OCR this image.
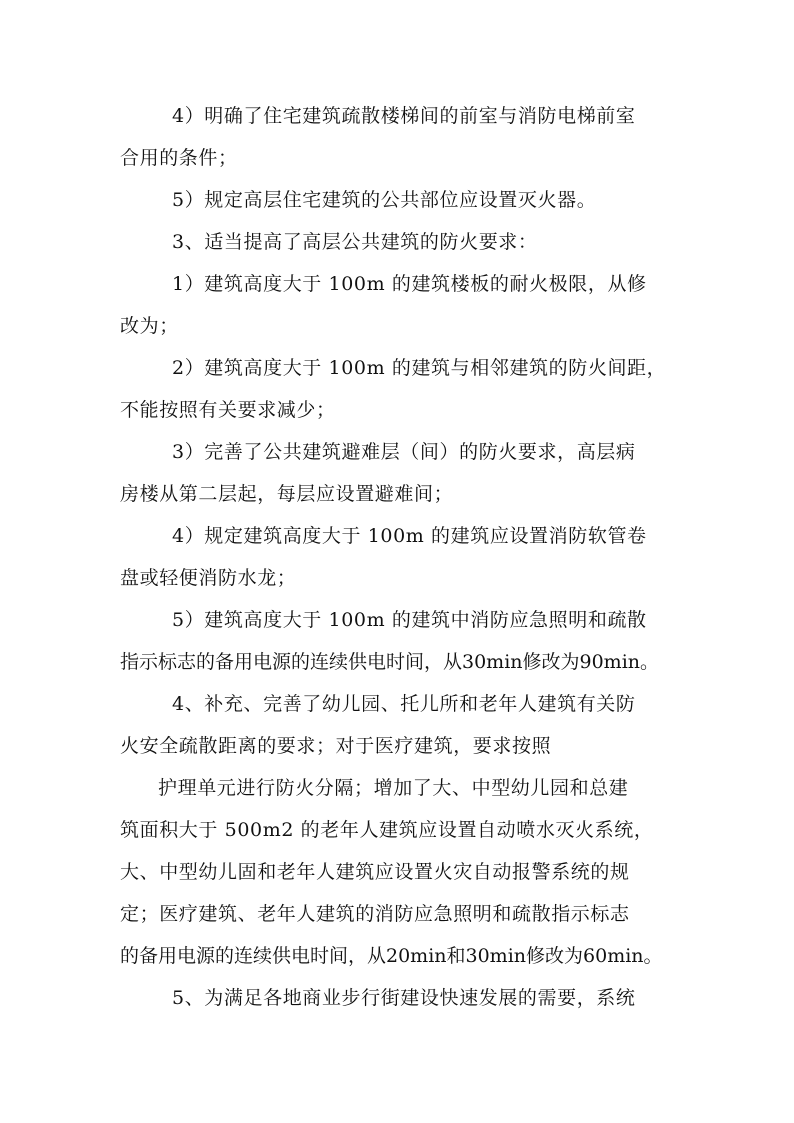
4）明确了住宅建筑疏散楼梯间的前室与消防电梯前室
合用的条件；
5）规定高层住宅建筑的公共部位应设置灭火器。
3、适当提高了高层公共建筑的防火要求：
1）建筑高度大于 100m 的建筑楼板的耐火极限，从修
改为；
2）建筑高度大于 100m 的建筑与相邻建筑的防火间距，
不能按照有关要求减少；
3）完善了公共建筑避难层（间）的防火要求，高层病
房楼从第二层起，每层应设置避难间；
4）规定建筑高度大于 100m 的建筑应设置消防软管卷
盘或轻便消防水龙；
5）建筑高度大于 100m 的建筑中消防应急照明和疏散
指示标志的备用电源的连续供电时间，从30min修改为90min。
4、补充、完善了幼儿园、托儿所和老年人建筑有关防
火安全疏散距离的要求；对于医疗建筑，要求按照
护理单元进行防火分隔；增加了大、中型幼儿园和总建
筑面积大于 500m2 的老年人建筑应设置自动喷水灭火系统，
大、中型幼儿固和老年人建筑应设置火灾自动报警系统的规
定；医疗建筑、老年人建筑的消防应急照明和疏散指示标志
的备用电源的连续供电时间，从20min和30min修改为60min。
5、为满足各地商业步行街建设快速发展的需要，系统
